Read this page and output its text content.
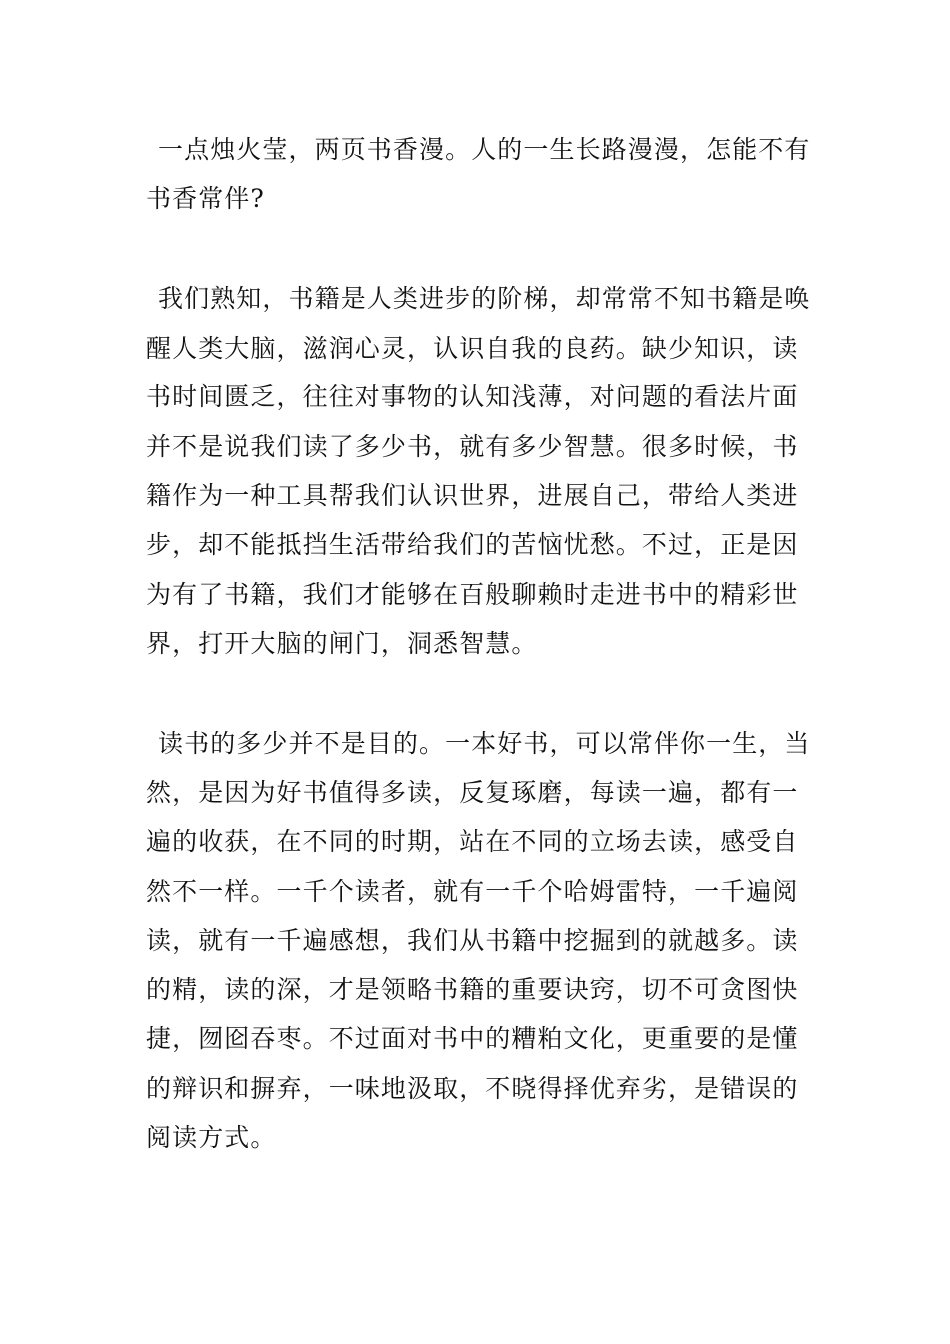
一点烛火莹，两页书香漫。人的一生长路漫漫，怎能不有
书香常伴?
我们熟知，书籍是人类进步的阶梯，却常常不知书籍是唤
醒人类大脑，滋润心灵，认识自我的良药。缺少知识，读
书时间匮乏，往往对事物的认知浅薄，对问题的看法片面
并不是说我们读了多少书，就有多少智慧。很多时候，书
籍作为一种工具帮我们认识世界，进展自己，带给人类进
步，却不能抵挡生活带给我们的苦恼忧愁。不过，正是因
为有了书籍，我们才能够在百般聊赖时走进书中的精彩世
界，打开大脑的闸门，洞悉智慧。
读书的多少并不是目的。一本好书，可以常伴你一生，当
然，是因为好书值得多读，反复琢磨，每读一遍，都有一
遍的收获，在不同的时期，站在不同的立场去读，感受自
然不一样。一千个读者，就有一千个哈姆雷特，一千遍阅
读，就有一千遍感想，我们从书籍中挖掘到的就越多。读
的精，读的深，才是领略书籍的重要诀窍，切不可贪图快
捷，囫囵吞枣。不过面对书中的糟粕文化，更重要的是懂
的辩识和摒弃，一味地汲取，不晓得择优弃劣，是错误的
阅读方式。
